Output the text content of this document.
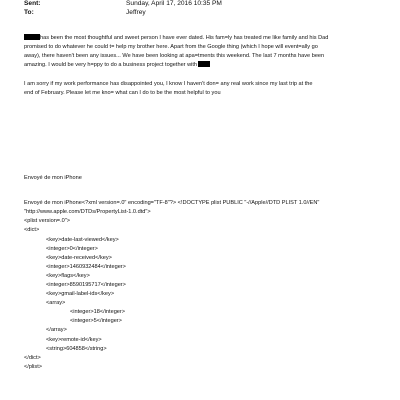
Sent:	Sunday, April 17, 2016 10:35 PM
To:	Jeffrey
has been the most thoughtful and sweet person I have ever dated. His fam=ly has treated me like family and his Dad
promised to do whatever he could t= help my brother here. Apart from the Google thing (which I hope will event=ally go
away), there haven't been any issues... We have been looking at apa=tments this weekend. The last 7 months have been
amazing. I would be very h=ppy to do a business project together with
I am sorry if my work performance has disappointed you, I know I haven't don= any real work since my last trip at the
end of February. Please let me kno= what can I do to be the most helpful to you
Envoyé de mon iPhone
Envoyé de mon iPhone<?xml version=.0" encoding="TF-8"?> <!DOCTYPE plist PUBLIC "-//Apple//DTD PLIST 1.0//EN"
"http://www.apple.com/DTDs/PropertyList-1.0.dtd">
<plist version=.0">
<dict>
<key>date-last-viewed</key>
<integer>0</integer>
<key>date-received</key>
<integer>1460932484</integer>
<key>flags</key>
<integer>8590195717</integer>
<key>gmail-label-ids</key>
<array>
<integer>18</integer>
<integer>5</integer>
</array>
<key>remote-id</key>
<string>604858</string>
</dict>
</plist>
